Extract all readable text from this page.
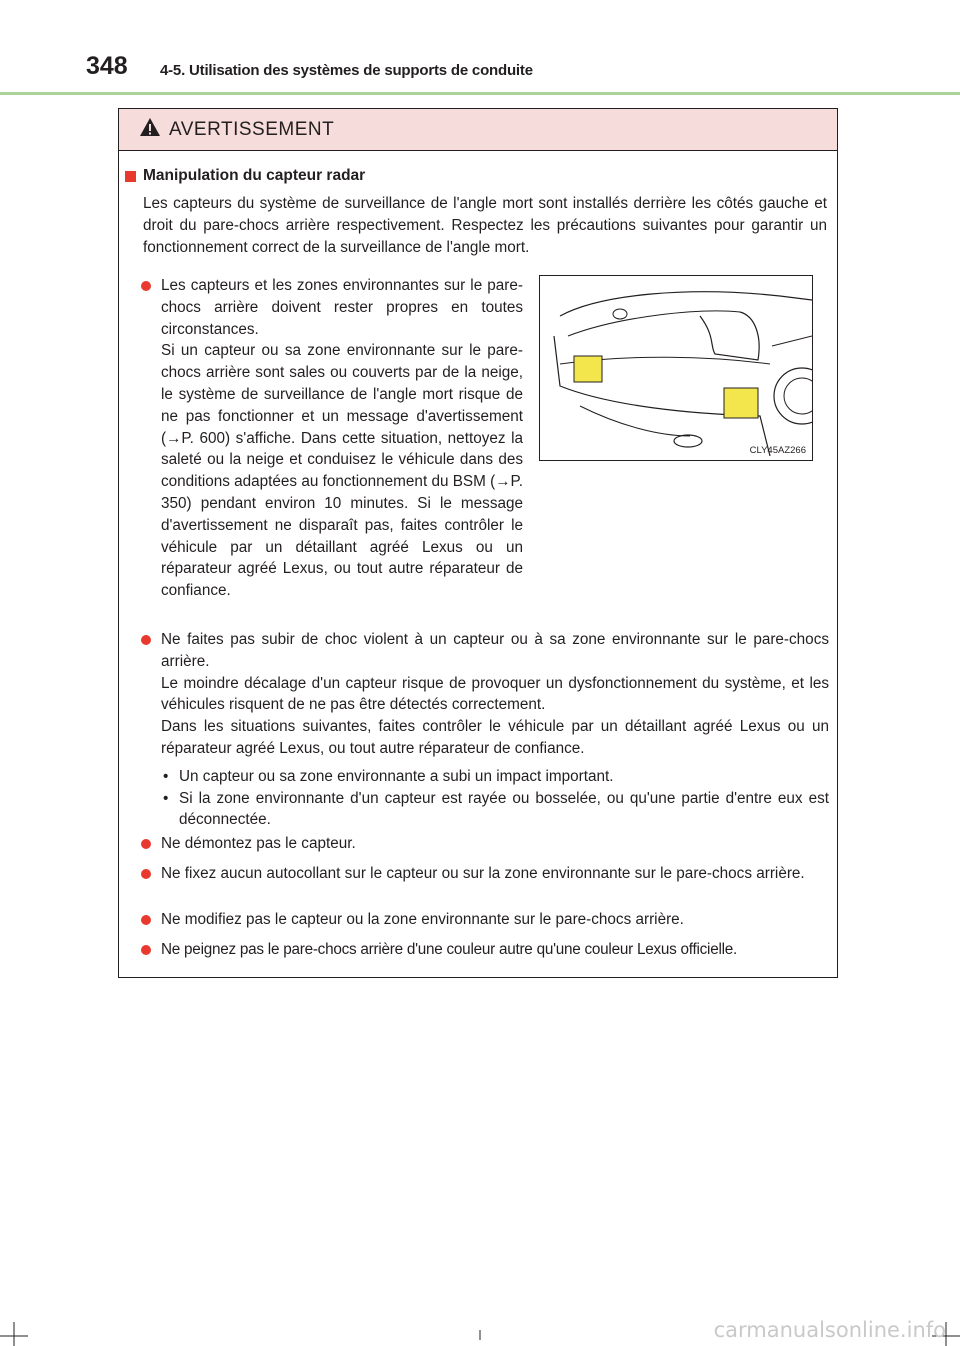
348 4-5. Utilisation des systèmes de supports de conduite
AVERTISSEMENT
Manipulation du capteur radar

Les capteurs du système de surveillance de l'angle mort sont installés derrière les côtés gauche et droit du pare-chocs arrière respectivement. Respectez les précautions suivantes pour garantir un fonctionnement correct de la surveillance de l'angle mort.

Les capteurs et les zones environnantes sur le pare-chocs arrière doivent rester propres en toutes circonstances.

Si un capteur ou sa zone environnante sur le pare-chocs arrière sont sales ou couverts par de la neige, le système de surveillance de l'angle mort risque de ne pas fonctionner et un message d'avertissement (→P. 600) s'affiche. Dans cette situation, nettoyez la saleté ou la neige et conduisez le véhicule dans des conditions adaptées au fonctionnement du BSM (→P. 350) pendant environ 10 minutes. Si le message d'avertissement ne disparaît pas, faites contrôler le véhicule par un détaillant agréé Lexus ou un réparateur agréé Lexus, ou tout autre réparateur de confiance.

CLY45AZ266

Ne faites pas subir de choc violent à un capteur ou à sa zone environnante sur le pare-chocs arrière.

Le moindre décalage d'un capteur risque de provoquer un dysfonctionnement du système, et les véhicules risquent de ne pas être détectés correctement.

Dans les situations suivantes, faites contrôler le véhicule par un détaillant agréé Lexus ou un réparateur agréé Lexus, ou tout autre réparateur de confiance.

• Un capteur ou sa zone environnante a subi un impact important.
• Si la zone environnante d'un capteur est rayée ou bosselée, ou qu'une partie d'entre eux est déconnectée.

Ne démontez pas le capteur.

Ne fixez aucun autocollant sur le capteur ou sur la zone environnante sur le pare-chocs arrière.

Ne modifiez pas le capteur ou la zone environnante sur le pare-chocs arrière.

Ne peignez pas le pare-chocs arrière d'une couleur autre qu'une couleur Lexus officielle.

carmanualsonline.info
